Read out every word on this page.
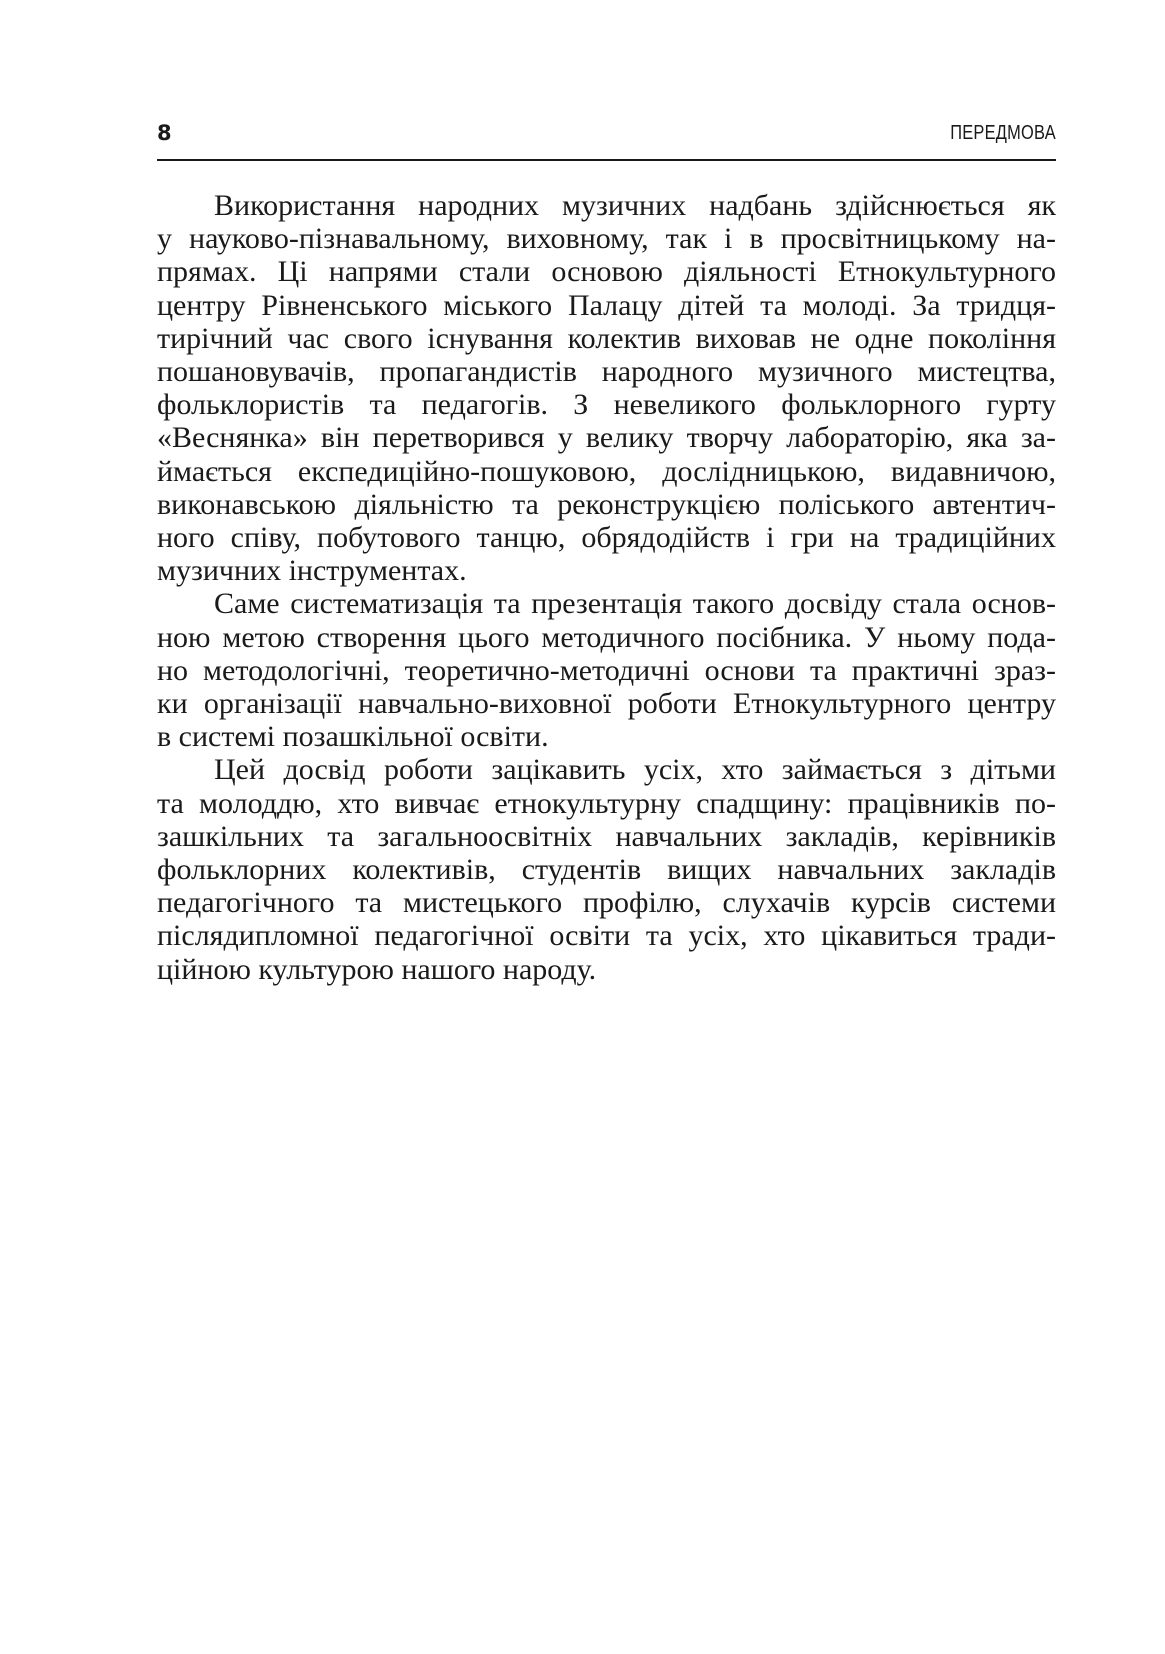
8	ПЕРЕДМОВА
Використання народних музичних надбань здійснюється як
у науково-пізнавальному, виховному, так і в просвітницькому на-
прямах. Ці напрями стали основою діяльності Етнокультурного
центру Рівненського міського Палацу дітей та молоді. За тридця-
тирічний час свого існування колектив виховав не одне покоління
пошановувачів, пропагандистів народного музичного мистецтва,
фольклористів та педагогів. З невеликого фольклорного гурту
«Веснянка» він перетворився у велику творчу лабораторію, яка за-
ймається експедиційно-пошуковою, дослідницькою, видавничою,
виконавською діяльністю та реконструкцією поліського автентич-
ного співу, побутового танцю, обрядодійств і гри на традиційних
музичних інструментах.
Саме систематизація та презентація такого досвіду стала основ-
ною метою створення цього методичного посібника. У ньому пода-
но методологічні, теоретично-методичні основи та практичні зраз-
ки організації навчально-виховної роботи Етнокультурного центру
в системі позашкільної освіти.
Цей досвід роботи зацікавить усіх, хто займається з дітьми
та молоддю, хто вивчає етнокультурну спадщину: працівників по-
зашкільних та загальноосвітніх навчальних закладів, керівників
фольклорних колективів, студентів вищих навчальних закладів
педагогічного та мистецького профілю, слухачів курсів системи
післядипломної педагогічної освіти та усіх, хто цікавиться тради-
ційною культурою нашого народу.
